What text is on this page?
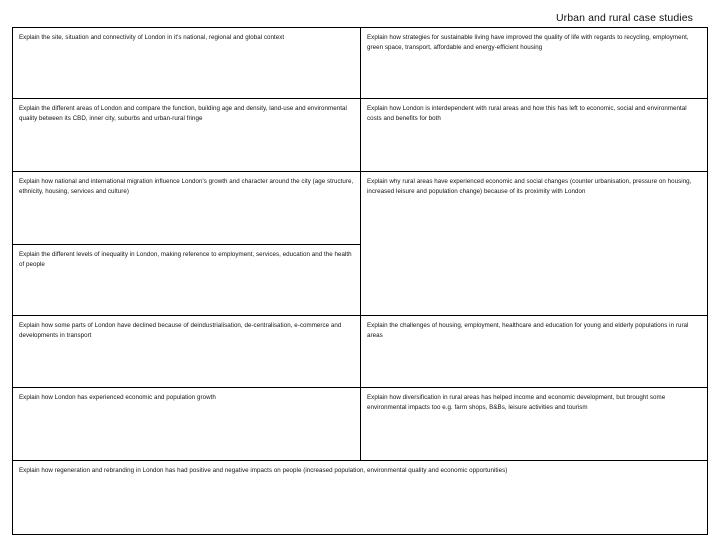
Urban and rural case studies
Explain the site, situation and connectivity of London in it's national, regional and global context	Explain how strategies for sustainable living have improved the quality of life with regards to recycling, employment, green space, transport, affordable and energy-efficient housing
Explain the different areas of London and compare the function, building age and density, land-use and environmental quality between its CBD, inner city, suburbs and urban-rural fringe
Explain how London is interdependent with rural areas and how this has left to economic, social and environmental costs and benefits for both
Explain how national and international migration influence London's growth and character around the city (age structure, ethnicity, housing, services and culture)
Explain why rural areas have experienced economic and social changes (counter urbanisation, pressure on housing, increased leisure and population change) because of its proximity with London
Explain the different levels of inequality in London, making reference to employment, services, education and the health of people
Explain how some parts of London have declined because of deindustrialisation, de-centralisation, e-commerce and developments in transport
Explain the challenges of housing, employment, healthcare and education for young and elderly populations in rural areas
Explain how London has experienced economic and population growth	Explain how diversification in rural areas has helped income and economic development, but brought some environmental impacts too e.g. farm shops, B&Bs, leisure activities and tourism
Explain how regeneration and rebranding in London has had positive and negative impacts on people (increased population, environmental quality and economic opportunities)
